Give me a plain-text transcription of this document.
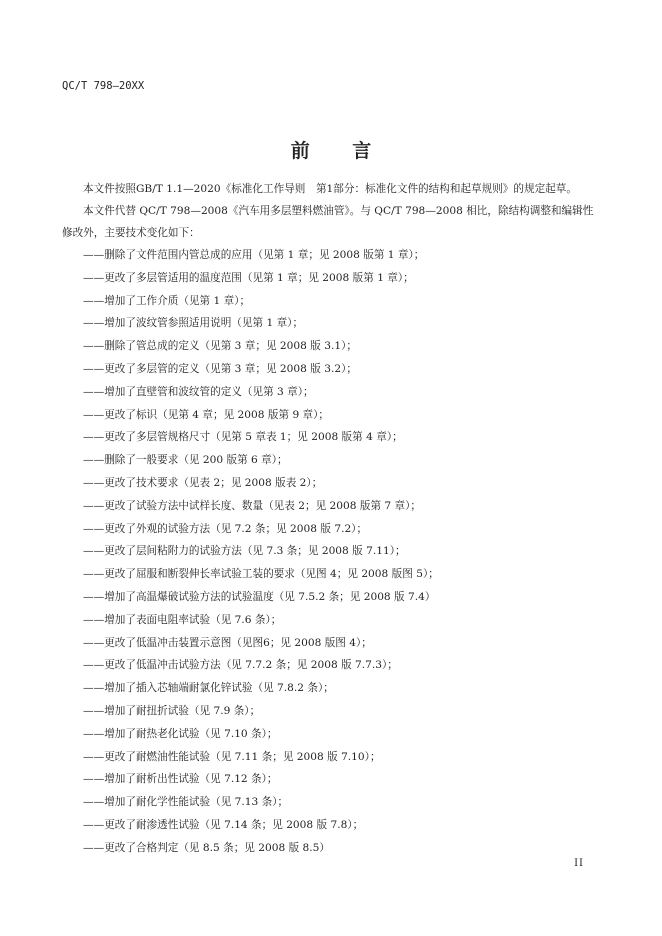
QC/T 798—20XX
前 言

本文件按照GB/T 1.1—2020《标准化工作导则　第1部分：标准化文件的结构和起草规则》的规定起草。

本文件代替 QC/T 798—2008《汽车用多层塑料燃油管》。与 QC/T 798—2008 相比，除结构调整和编辑性修改外，主要技术变化如下：

——删除了文件范围内管总成的应用（见第 1 章；见 2008 版第 1 章）；

——更改了多层管适用的温度范围（见第 1 章；见 2008 版第 1 章）；

——增加了工作介质（见第 1 章）；

——增加了波纹管参照适用说明（见第 1 章）；

——删除了管总成的定义（见第 3 章；见 2008 版 3.1）；

——更改了多层管的定义（见第 3 章；见 2008 版 3.2）；

——增加了直壁管和波纹管的定义（见第 3 章）；

——更改了标识（见第 4 章；见 2008 版第 9 章）；

——更改了多层管规格尺寸（见第 5 章表 1；见 2008 版第 4 章）；

——删除了一般要求（见 200 版第 6 章）；

——更改了技术要求（见表 2；见 2008 版表 2）；

——更改了试验方法中试样长度、数量（见表 2；见 2008 版第 7 章）；

——更改了外观的试验方法（见 7.2 条；见 2008 版 7.2）；

——更改了层间粘附力的试验方法（见 7.3 条；见 2008 版 7.11）；

——更改了屈服和断裂伸长率试验工装的要求（见图 4；见 2008 版图 5）；

——增加了高温爆破试验方法的试验温度（见 7.5.2 条；见 2008 版 7.4）

——增加了表面电阻率试验（见 7.6 条）；

——更改了低温冲击装置示意图（见图6；见 2008 版图 4）；

——更改了低温冲击试验方法（见 7.7.2 条；见 2008 版 7.7.3）；

——增加了插入芯轴端耐氯化锌试验（见 7.8.2 条）；

——增加了耐扭折试验（见 7.9 条）；

——增加了耐热老化试验（见 7.10 条）；

——更改了耐燃油性能试验（见 7.11 条；见 2008 版 7.10）；

——增加了耐析出性试验（见 7.12 条）；

——增加了耐化学性能试验（见 7.13 条）；

——更改了耐渗透性试验（见 7.14 条；见 2008 版 7.8）；

——更改了合格判定（见 8.5 条；见 2008 版 8.5）

II
